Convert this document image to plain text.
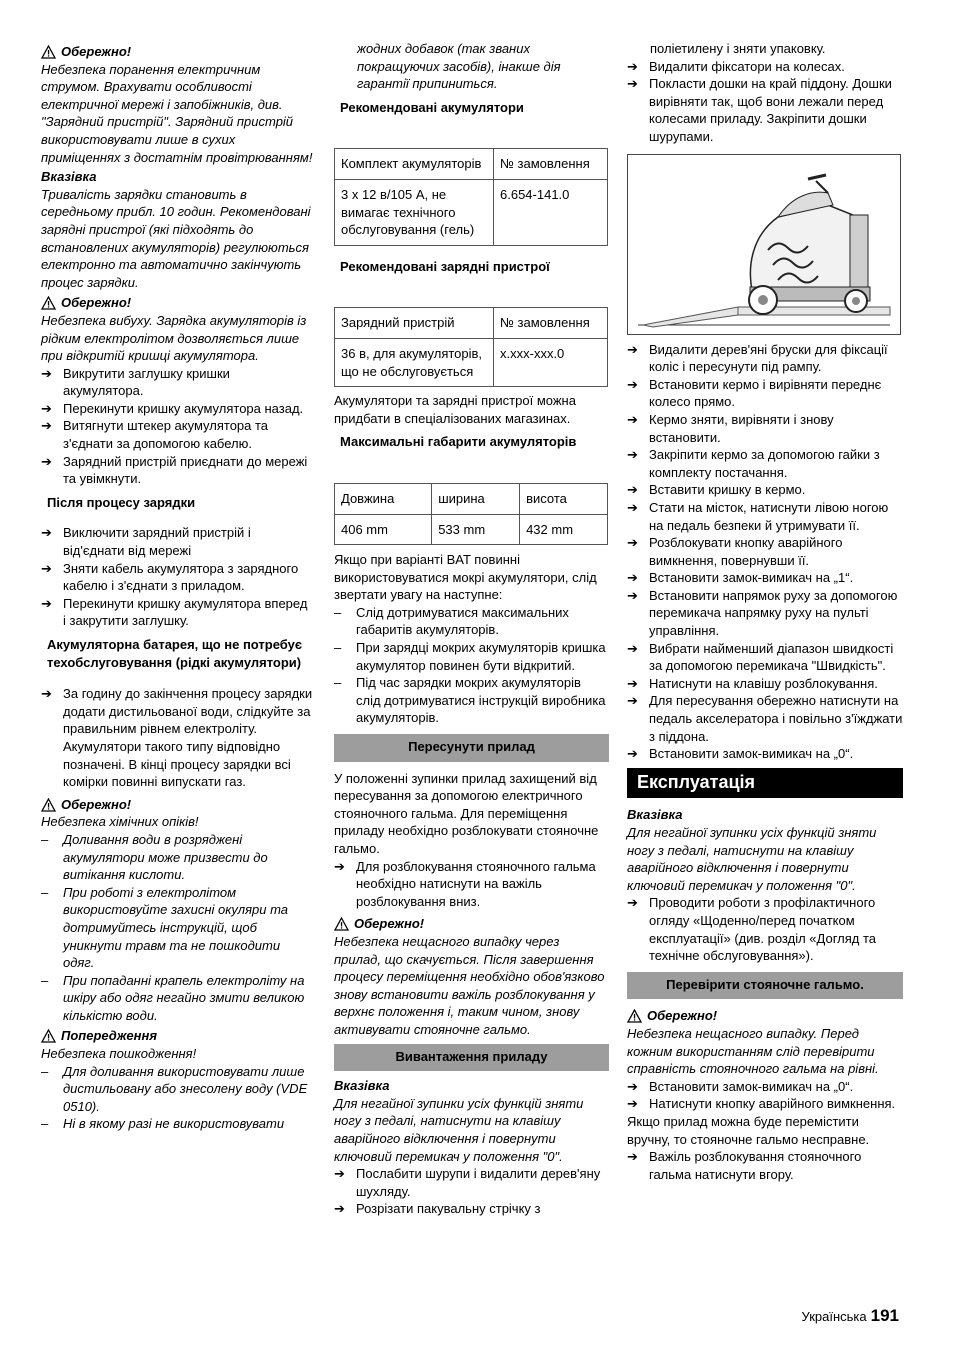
Обережно!

Небезпека поранення електричним струмом. Врахувати особливості електричної мережі і запобіжників, див. "Зарядний пристрій". Зарядний пристрій використовувати лише в сухих приміщеннях з достатнім провітрюванням!

Вказівка

Тривалість зарядки становить в середньому прибл. 10 годин. Рекомендовані зарядні пристрої (які підходять до встановлених акумуляторів) регулюються електронно та автоматично закінчують процес зарядки.

Обережно!

Небезпека вибуху. Зарядка акумуляторів із рідким електролітом дозволяється лише при відкритій кришці акумулятора.

➔ Викрутити заглушку кришки акумулятора.
➔ Перекинути кришку акумулятора назад.
➔ Витягнути штекер акумулятора та з'єднати за допомогою кабелю.
➔ Зарядний пристрій приєднати до мережі та увімкнути.

Після процесу зарядки

➔ Виключити зарядний пристрій і від'єднати від мережі
➔ Зняти кабель акумулятора з зарядного кабелю і з'єднати з приладом.
➔ Перекинути кришку акумулятора вперед і закрутити заглушку.

Акумуляторна батарея, що не потребує техобслуговування (рідкі акумулятори)

➔ За годину до закінчення процесу зарядки додати дистильованої води, слідкуйте за правильним рівнем електроліту. Акумулятори такого типу відповідно позначені. В кінці процесу зарядки всі комірки повинні випускати газ.
Обережно!

Небезпека хімічних опіків!

– Доливання води в розряджені акумулятори може призвести до витікання кислоти.
– При роботі з електролітом використовуйте захисні окуляри та дотримуйтесь інструкцій, щоб уникнути травм та не пошкодити одяг.
– При попаданні крапель електроліту на шкіру або одяг негайно змити великою кількістю води.
Попередження

Небезпека пошкодження!

– Для доливання використовувати лише дистильовану або знесолену воду (VDE 0510).
– Ні в якому разі не використовувати

жодних добавок (так званих покращуючих засобів), інакше дія гарантії припиниться.

Рекомендовані акумулятори

Комплект акумуляторів	№ замовлення
3 x 12 в/105 А, не вимагає технічного обслуговування (гель)	6.654-141.0

Рекомендовані зарядні пристрої

Зарядний пристрій	№ замовлення
36 в, для акумуляторів, що не обслуговується	x.xxx-xxx.0

Акумулятори та зарядні пристрої можна придбати в спеціалізованих магазинах.

Максимальні габарити акумуляторів

Довжина	ширина	висота
406 mm	533 mm	432 mm

Якщо при варіанті BAT повинні використовуватися мокрі акумулятори, слід звертати увагу на наступне:

– Слід дотримуватися максимальних габаритів акумуляторів.
– При зарядці мокрих акумуляторів кришка акумулятор повинен бути відкритий.
– Під час зарядки мокрих акумуляторів слід дотримуватися інструкцій виробника акумуляторів.
Пересунути прилад

У положенні зупинки прилад захищений від пересування за допомогою електричного стояночного гальма. Для переміщення приладу необхідно розблокувати стояночне гальмо.

➔ Для розблокування стояночного гальма необхідно натиснути на важіль розблокування вниз.
Обережно!

Небезпека нещасного випадку через прилад, що скачується. Після завершення процесу переміщення необхідно обов'язково знову встановити важіль розблокування у верхнє положення і, таким чином, знову активувати стояночне гальмо.

Вивантаження приладу

Вказівка

Для негайної зупинки усіх функцій зняти ногу з педалі, натиснути на клавішу аварійного відключення і повернути ключовий перемикач у положення "0".

➔ Послабити шурупи і видалити дерев'яну шухляду.
➔ Розрізати пакувальну стрічку з

поліетилену і зняти упаковку.

➔ Видалити фіксатори на колесах.
➔ Покласти дошки на край піддону. Дошки вирівняти так, щоб вони лежали перед колесами приладу. Закріпити дошки шурупами.
➔ Видалити дерев'яні бруски для фіксації коліс і пересунути під рампу.
➔ Встановити кермо і вирівняти переднє колесо прямо.
➔ Кермо зняти, вирівняти і знову встановити.
➔ Закріпити кермо за допомогою гайки з комплекту постачання.
➔ Вставити кришку в кермо.
➔ Стати на місток, натиснути лівою ногою на педаль безпеки й утримувати її.
➔ Розблокувати кнопку аварійного вимкнення, повернувши її.
➔ Встановити замок-вимикач на „1“.
➔ Встановити напрямок руху за допомогою перемикача напрямку руху на пульті управління.
➔ Вибрати найменший діапазон швидкості за допомогою перемикача "Швидкість".
➔ Натиснути на клавішу розблокування.
➔ Для пересування обережно натиснути на педаль акселератора і повільно з'їжджати з піддона.
➔ Встановити замок-вимикач на „0“.
Експлуатація

Вказівка

Для негайної зупинки усіх функцій зняти ногу з педалі, натиснути на клавішу аварійного відключення і повернути ключовий перемикач у положення "0".

➔ Проводити роботи з профілактичного огляду «Щоденно/перед початком експлуатації» (див. розділ «Догляд та технічне обслуговування»).
Перевірити стояночне гальмо.
Обережно!

Небезпека нещасного випадку. Перед кожним використанням слід перевірити справність стояночного гальма на рівні.

➔ Встановити замок-вимикач на „0“.
➔ Натиснути кнопку аварійного вимкнення.

Якщо прилад можна буде перемістити вручну, то стояночне гальмо несправне.

➔ Важіль розблокування стояночного гальма натиснути вгору.
Українська 191
